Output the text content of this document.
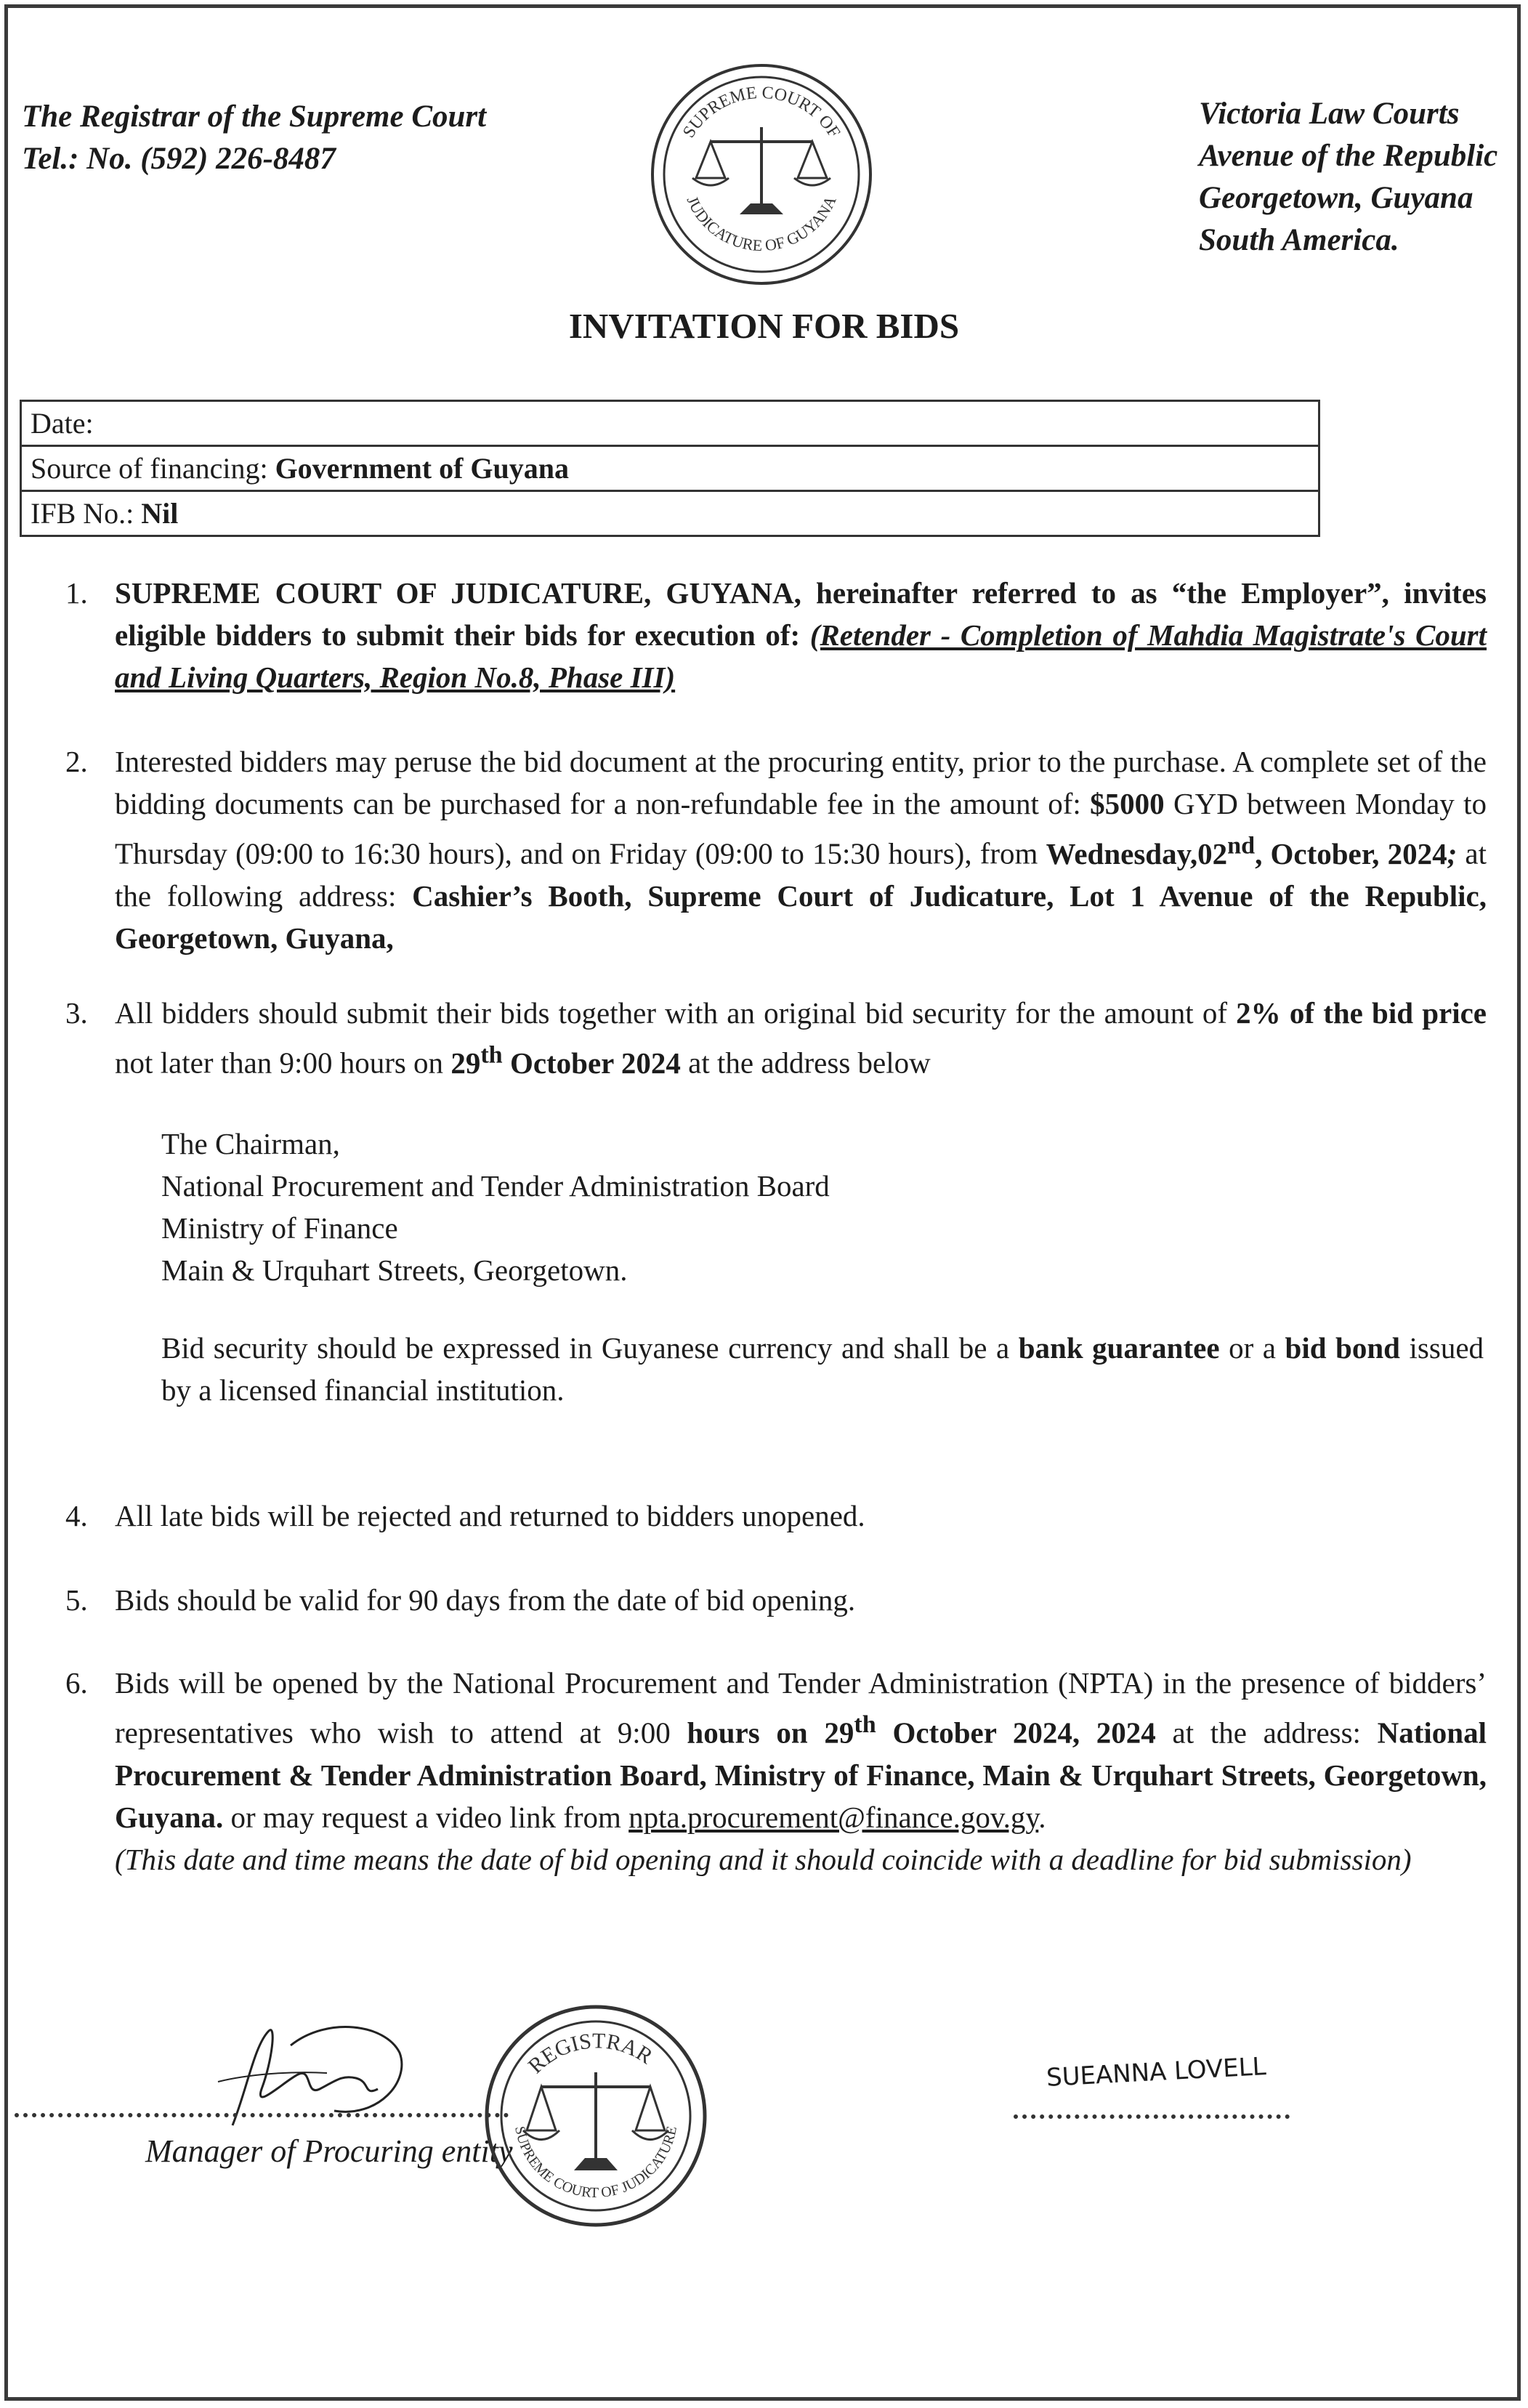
The Registrar of the Supreme Court
Tel.: No. (592) 226-8487
SUPREME COURT OF
JUDICATURE OF GUYANA
Victoria Law Courts
Avenue of the Republic
Georgetown, Guyana
South America.
INVITATION FOR BIDS
Date:
Source of financing: Government of Guyana
IFB No.: Nil
1. SUPREME COURT OF JUDICATURE, GUYANA, hereinafter referred to as “the Employer”, invites eligible bidders to submit their bids for execution of: (Retender - Completion of Mahdia Magistrate's Court and Living Quarters, Region No.8, Phase III)
2. Interested bidders may peruse the bid document at the procuring entity, prior to the purchase. A complete set of the bidding documents can be purchased for a non-refundable fee in the amount of: $5000 GYD between Monday to Thursday (09:00 to 16:30 hours), and on Friday (09:00 to 15:30 hours), from Wednesday,02nd, October, 2024; at the following address: Cashier’s Booth, Supreme Court of Judicature, Lot 1 Avenue of the Republic, Georgetown, Guyana,
3. All bidders should submit their bids together with an original bid security for the amount of 2% of the bid price not later than 9:00 hours on 29th October 2024 at the address below
The Chairman,
National Procurement and Tender Administration Board
Ministry of Finance
Main & Urquhart Streets, Georgetown.
Bid security should be expressed in Guyanese currency and shall be a bank guarantee or a bid bond issued by a licensed financial institution.
4. All late bids will be rejected and returned to bidders unopened.
5. Bids should be valid for 90 days from the date of bid opening.
6. Bids will be opened by the National Procurement and Tender Administration (NPTA) in the presence of bidders’ representatives who wish to attend at 9:00 hours on 29th October 2024, 2024 at the address: National Procurement & Tender Administration Board, Ministry of Finance, Main & Urquhart Streets, Georgetown, Guyana. or may request a video link from npta.procurement@finance.gov.gy.
(This date and time means the date of bid opening and it should coincide with a deadline for bid submission)
Manager of Procuring entity
REGISTRAR
SUPREME COURT OF JUDICATURE
SUEANNA LOVELL
